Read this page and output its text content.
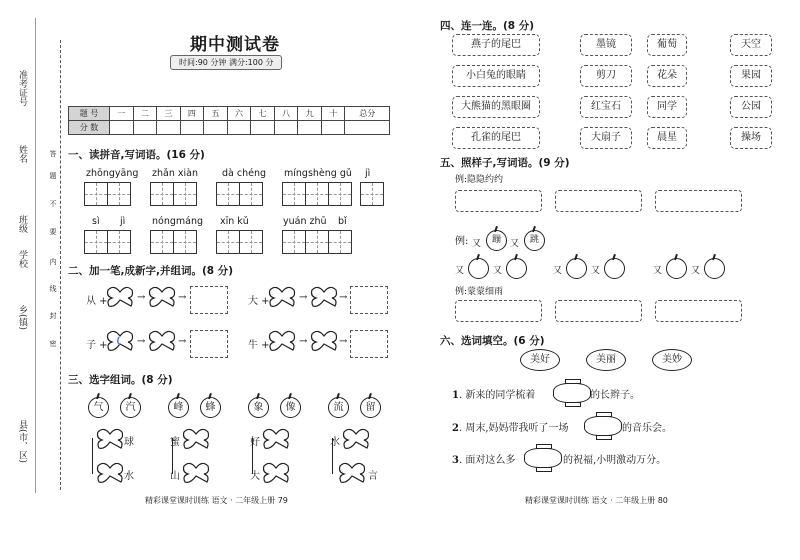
准考证号
姓名
班级
学校
乡(镇)
县(市、区)
答
题
不
要
内
线
封
密
期中测试卷
时间:90 分钟 满分:100 分
题 号	一	二	三	四	五	六	七	八	九	十	总分
分 数											
一、读拼音,写词语。(16 分)
zhōngyāng zhǎn xiàn	dà chéng míngshèng gǔ jì
sì jì	nóngmáng xīn kǔ	yuán zhū bǐ
二、加一笔,成新字,并组词。(8 分)
从 +	→	→	大 +	→	→
子 +	→	→	牛 +	→	→
三、选字组词。(8 分)
气	汽	峰	蜂	象	像	流	留
球
水
蜜
山
好
大
水
言
精彩课堂课时训练 语文 · 二年级上册 79
四、连一连。(8 分)
燕子的尾巴
小白兔的眼睛
大熊猫的黑眼圈
孔雀的尾巴
墨镜
剪刀
红宝石
大扇子
葡萄
花朵
同学
晨星
天空
果园
公园
操场
五、照样子,写词语。(9 分)
例:隐隐约约
例: 又	蹦	又	跳
又	又	又	又	又	又
例:蒙蒙细雨
六、选词填空。(6 分)
美好	美丽	美妙
1. 新来的同学梳着	的长辫子。
2. 周末,妈妈带我听了一场	的音乐会。
3. 面对这么多	的祝福,小明激动万分。
精彩课堂课时训练 语文 · 二年级上册 80
